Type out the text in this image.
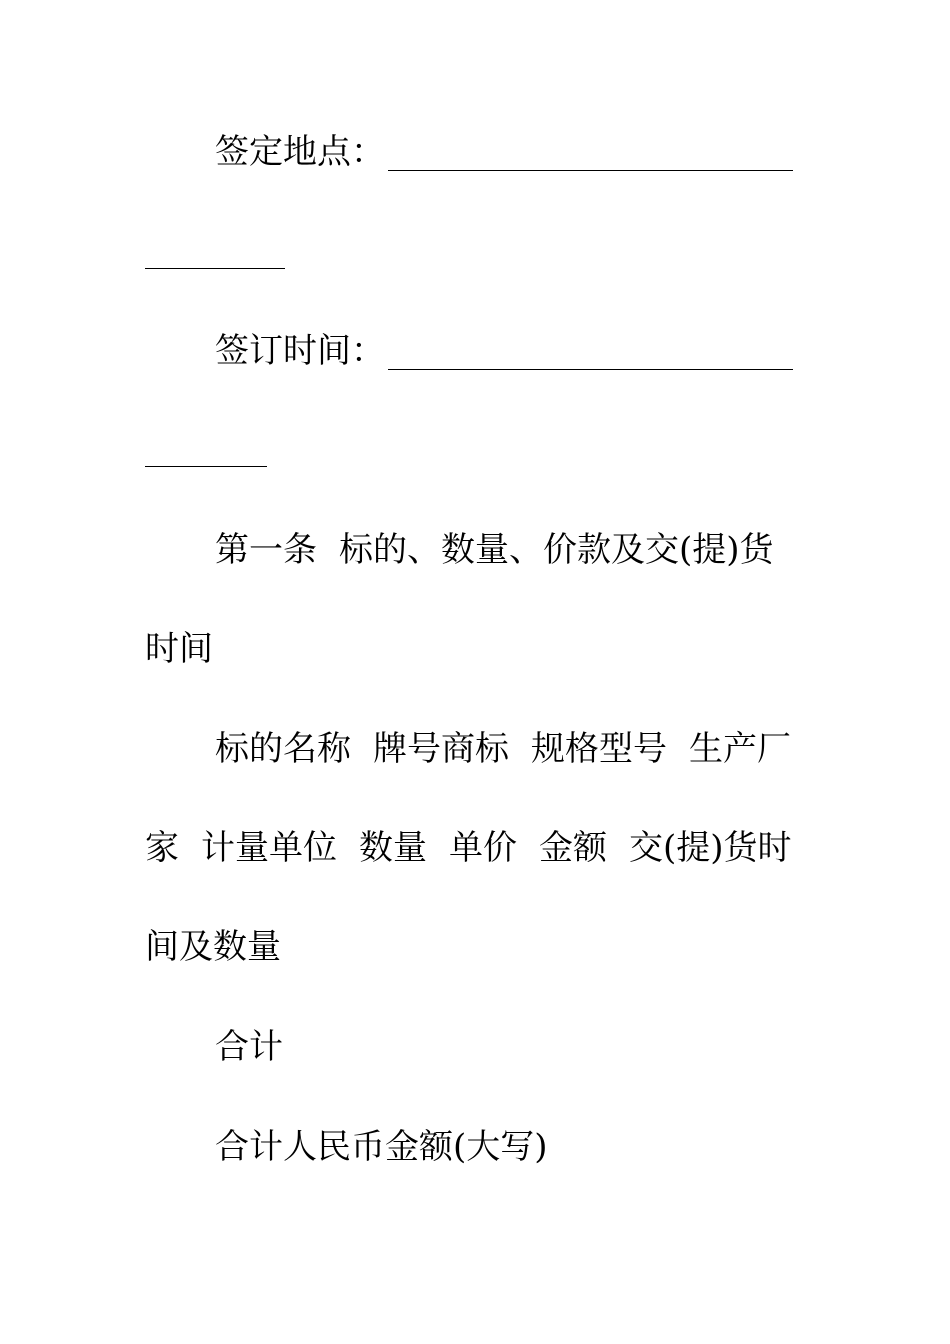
签定地点：
签订时间：
第一条 标的、数量、价款及交(提)货
时间
标的名称 牌号商标 规格型号 生产厂
家 计量单位 数量 单价 金额 交(提)货时
间及数量
合计
合计人民币金额(大写)
